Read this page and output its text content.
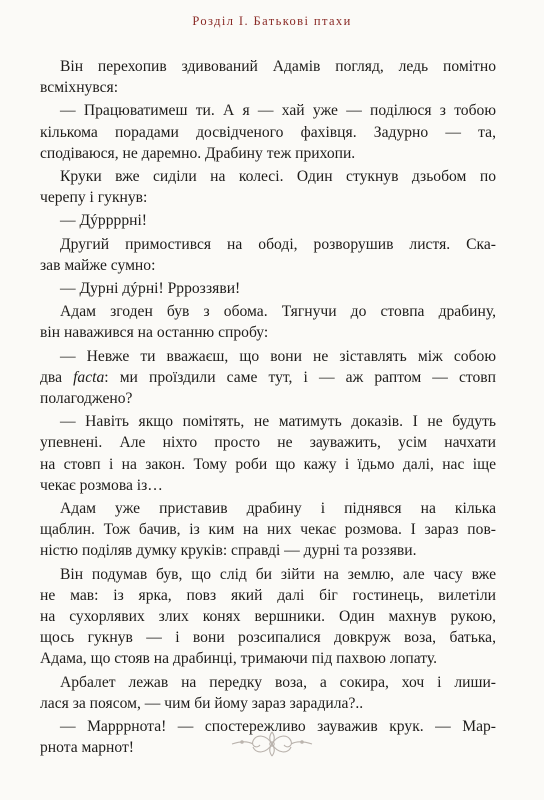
Розділ I. Батькові птахи
Він перехопив здивований Адамів погляд, ледь помітно
всміхнувся:
— Працюватимеш ти. А я — хай уже — поділюся з тобою
кількома порадами досвідченого фахівця. Задурно — та,
сподіваюся, не даремно. Драбину теж прихопи.
Круки вже сиділи на колесі. Один стукнув дзьобом по
черепу і гукнув:
— Дýррррні!
Другий примостився на ободі, розворушив листя. Ска-
зав майже сумно:
— Дурні дýрні! Ррроззяви!
Адам згоден був з обома. Тягнучи до стовпа драбину,
він наважився на останню спробу:
— Невже ти вважаєш, що вони не зіставлять між собою
два facta: ми проїздили саме тут, і — аж раптом — стовп
полагоджено?
— Навіть якщо помітять, не матимуть доказів. І не будуть
упевнені. Але ніхто просто не зауважить, усім начхати
на стовп і на закон. Тому роби що кажу і їдьмо далі, нас іще
чекає розмова із…
Адам уже приставив драбину і піднявся на кілька
щаблин. Тож бачив, із ким на них чекає розмова. І зараз пов-
ністю поділяв думку круків: справді — дурні та роззяви.
Він подумав був, що слід би зійти на землю, але часу вже
не мав: із ярка, повз який далі біг гостинець, вилетіли
на сухорлявих злих конях вершники. Один махнув рукою,
щось гукнув — і вони розсипалися довкруж воза, батька,
Адама, що стояв на драбинці, тримаючи під пахвою лопату.
Арбалет лежав на передку воза, а сокира, хоч і лиши-
лася за поясом, — чим би йому зараз зарадила?..
— Марррнота! — спостережливо зауважив крук. — Мар-
рнота марнот!
